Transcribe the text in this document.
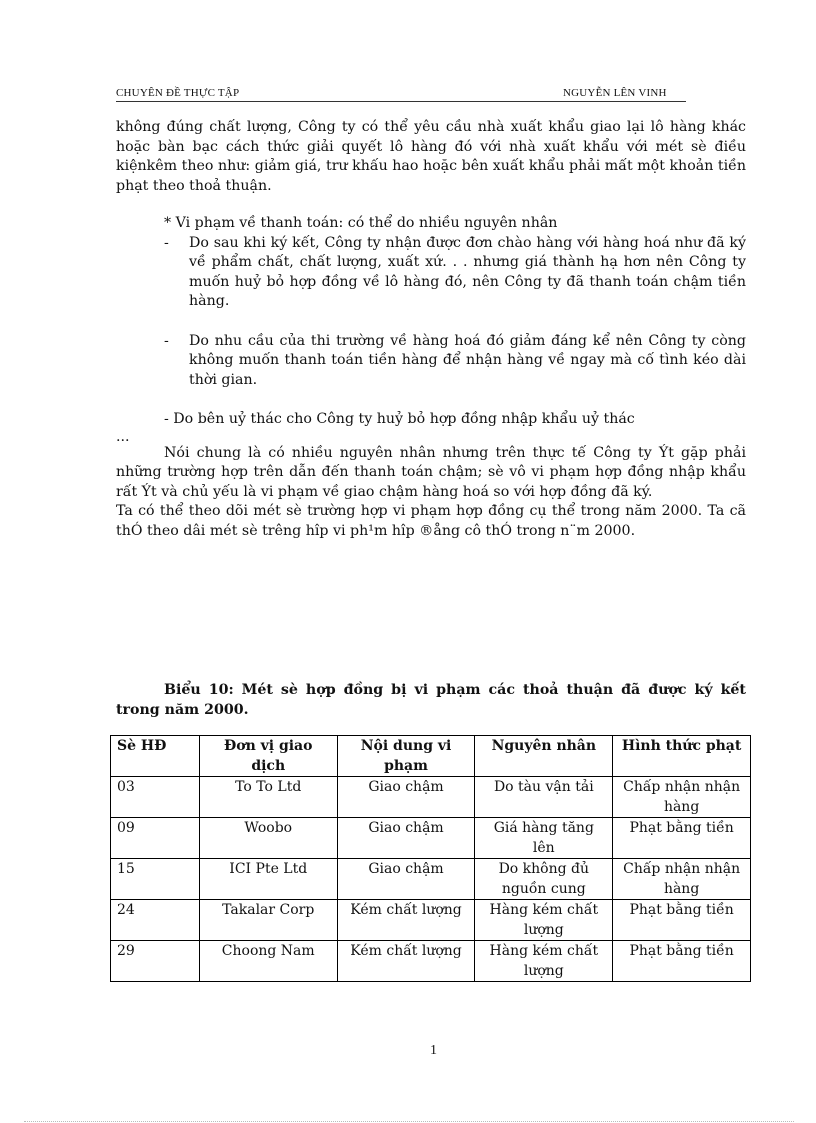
CHUYÊN ĐỀ THỰC TẬP	NGUYỄN LÊN VINH

không đúng chất lượng, Công ty có thể yêu cầu nhà xuất khẩu giao lại lô hàng khác hoặc bàn bạc cách thức giải quyết lô hàng đó với nhà xuất khẩu với mét sè điều kiệnkêm theo như: giảm giá, trư khấu hao hoặc bên xuất khẩu phải mất một khoản tiền phạt theo thoả thuận.

* Vi phạm về thanh toán: có thể do nhiều nguyên nhân

- Do sau khi ký kết, Công ty nhận được đơn chào hàng với hàng hoá như đã ký về phẩm chất, chất lượng, xuất xứ. . . nhưng giá thành hạ hơn nên Công ty muốn huỷ bỏ hợp đồng về lô hàng đó, nên Công ty đã thanh toán chậm tiền hàng.

- Do nhu cầu của thi trường về hàng hoá đó giảm đáng kể nên Công ty còng không muốn thanh toán tiền hàng để nhận hàng về ngay mà cố tình kéo dài thời gian.

- Do bên uỷ thác cho Công ty huỷ bỏ hợp đồng nhập khẩu uỷ thác

...

Nói chung là có nhiều nguyên nhân nhưng trên thực tế Công ty Ýt gặp phải những trường hợp trên dẫn đến thanh toán chậm; sè vô vi phạm hợp đồng nhập khẩu rất Ýt và chủ yếu là vi phạm về giao chậm hàng hoá so với hợp đồng đã ký.

Ta có thể theo dõi mét sè trường hợp vi phạm hợp đồng cụ thể trong năm 2000. Ta cã thÓ theo dâi mét sè trêng hîp vi ph¹m hîp ®ång cô thÓ trong n¨m 2000.

Biểu 10: Mét sè hợp đồng bị vi phạm các thoả thuận đã được ký kết trong năm 2000.

Sè HĐ	Đơn vị giao dịch	Nội dung vi phạm	Nguyên nhân	Hình thức phạt
03	To To Ltd	Giao chậm	Do tàu vận tải	Chấp nhận nhận hàng
09	Woobo	Giao chậm	Giá hàng tăng lên	Phạt bằng tiền
15	ICI Pte Ltd	Giao chậm	Do không đủ nguồn cung	Chấp nhận nhận hàng
24	Takalar Corp	Kém chất lượng	Hàng kém chất lượng	Phạt bằng tiền
29	Choong Nam	Kém chất lượng	Hàng kém chất lượng	Phạt bằng tiền
1
